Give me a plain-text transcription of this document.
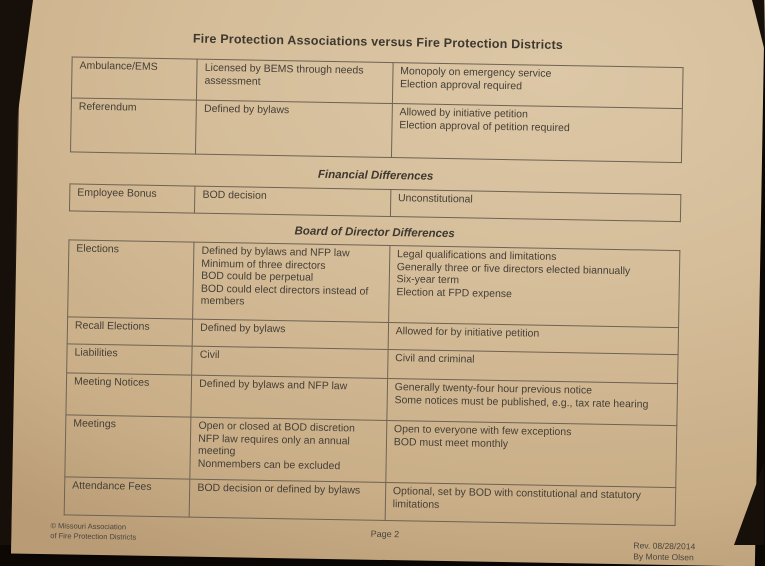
Fire Protection Associations versus Fire Protection Districts
Ambulance/EMS	Licensed by BEMS through needs assessment	Monopoly on emergency service
Election approval required
Referendum	Defined by bylaws	Allowed by initiative petition
Election approval of petition required
Financial Differences
Employee Bonus	BOD decision	Unconstitutional
Board of Director Differences
Elections	Defined by bylaws and NFP law
Minimum of three directors
BOD could be perpetual
BOD could elect directors instead of members	Legal qualifications and limitations
Generally three or five directors elected biannually
Six-year term
Election at FPD expense
Recall Elections	Defined by bylaws	Allowed for by initiative petition
Liabilities	Civil	Civil and criminal
Meeting Notices	Defined by bylaws and NFP law	Generally twenty-four hour previous notice
Some notices must be published, e.g., tax rate hearing
Meetings	Open or closed at BOD discretion
NFP law requires only an annual meeting
Nonmembers can be excluded	Open to everyone with few exceptions
BOD must meet monthly
Attendance Fees	BOD decision or defined by bylaws	Optional, set by BOD with constitutional and statutory limitations
© Missouri Association
of Fire Protection Districts	Page 2
Rev. 08/28/2014
By Monte Olsen
